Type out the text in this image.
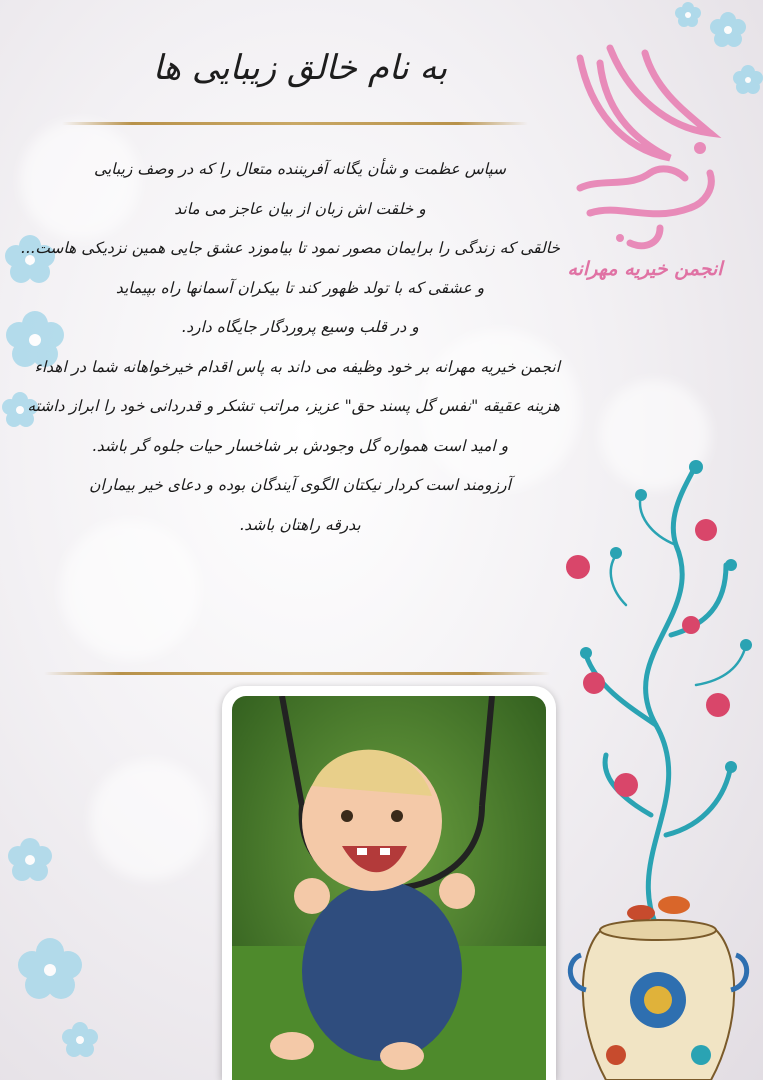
به نام خالق زیبایی ها
انجمن خیریه مهرانه
سپاس عظمت و شأن یگانه آفریننده متعال را که در وصف زیبایی
و خلقت اش زبان از بیان عاجز می ماند
خالقی که زندگی را برایمان مصور نمود تا بیاموزد عشق جایی همین نزدیکی هاست...
و عشقی که با تولد ظهور کند تا بیکران آسمانها راه بپیماید
و در قلب وسیع پروردگار جایگاه دارد.
انجمن خیریه مهرانه بر خود وظیفه می داند به پاس اقدام خیرخواهانه شما در اهداء
هزینه عقیقه "نفس گل پسند حق" عزیز، مراتب تشکر و قدردانی خود را ابراز داشته
و امید است همواره گل وجودش بر شاخسار حیات جلوه گر باشد.
آرزومند است کردار نیکتان الگوی آیندگان بوده و دعای خیر بیماران
بدرقه راهتان باشد.
